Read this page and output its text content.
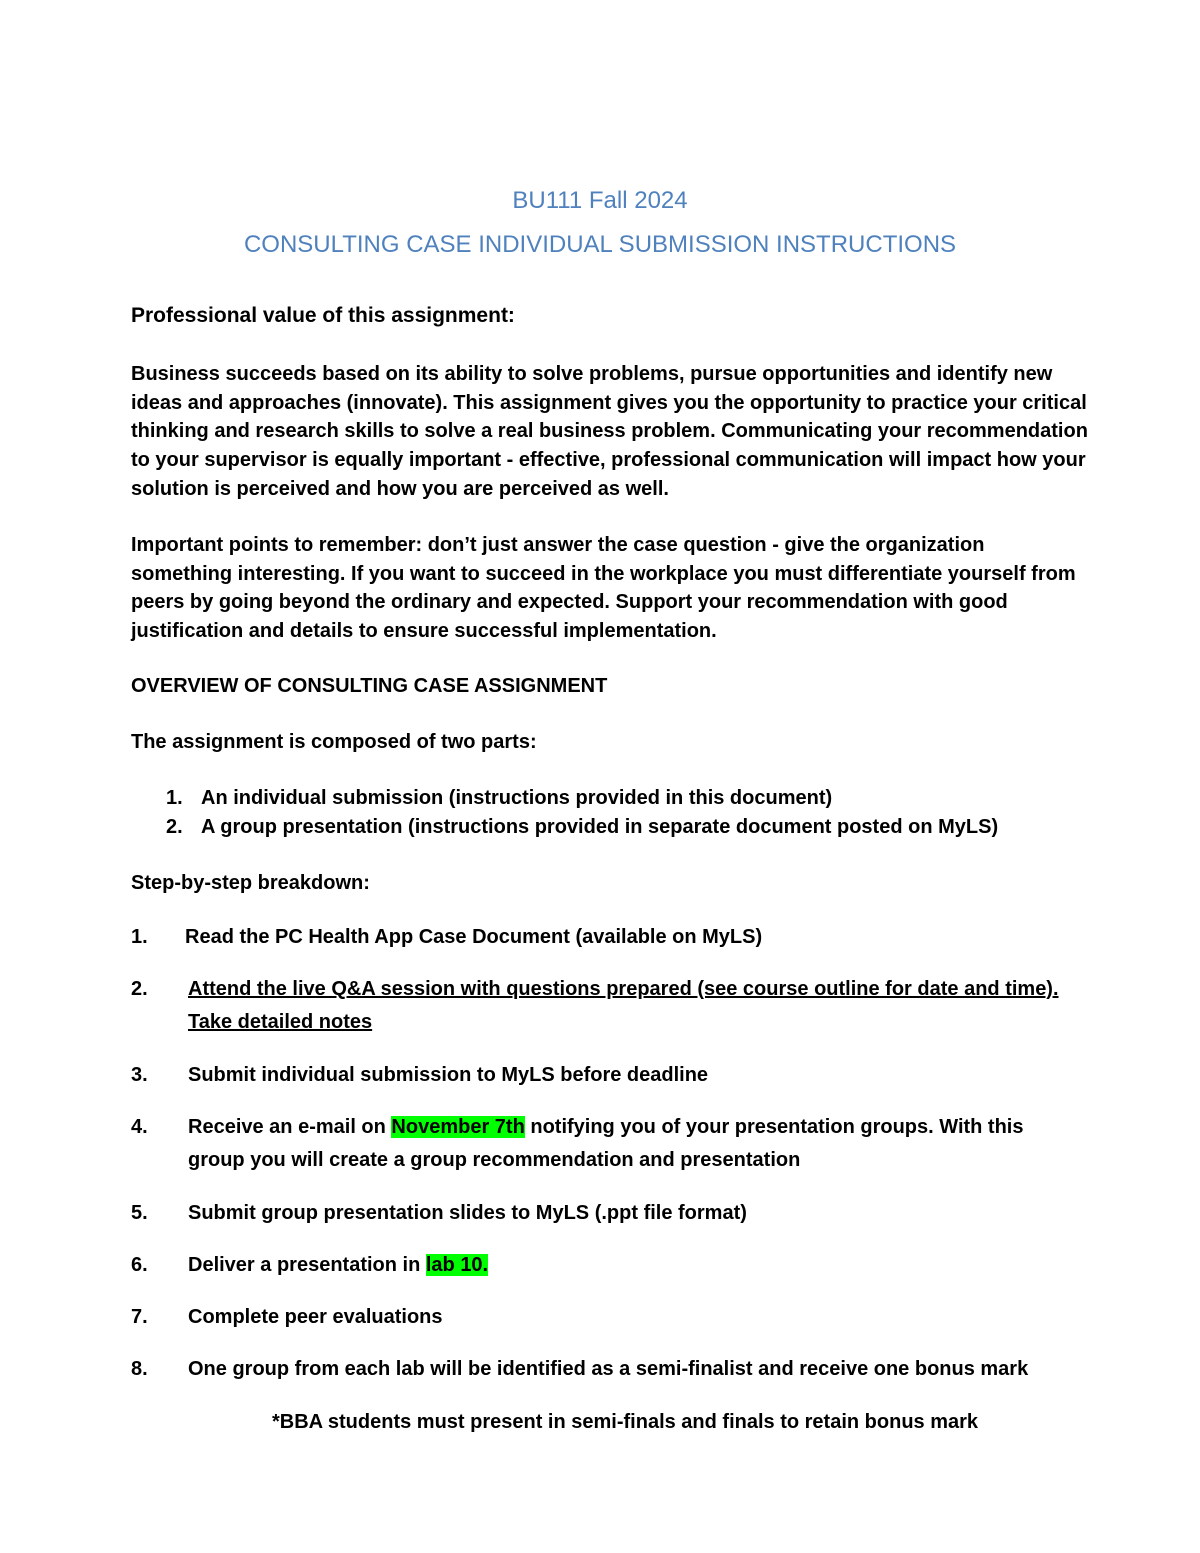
BU111 Fall 2024
CONSULTING CASE INDIVIDUAL SUBMISSION INSTRUCTIONS
Professional value of this assignment:

Business succeeds based on its ability to solve problems, pursue opportunities and identify new ideas and approaches (innovate). This assignment gives you the opportunity to practice your critical thinking and research skills to solve a real business problem. Communicating your recommendation to your supervisor is equally important - effective, professional communication will impact how your solution is perceived and how you are perceived as well.

Important points to remember: don’t just answer the case question - give the organization something interesting. If you want to succeed in the workplace you must differentiate yourself from peers by going beyond the ordinary and expected. Support your recommendation with good justification and details to ensure successful implementation.

OVERVIEW OF CONSULTING CASE ASSIGNMENT
The assignment is composed of two parts:
1. An individual submission (instructions provided in this document)
2. A group presentation (instructions provided in separate document posted on MyLS)
Step-by-step breakdown:
1. Read the PC Health App Case Document (available on MyLS)
2. Attend the live Q&A session with questions prepared (see course outline for date and time).
Take detailed notes
3. Submit individual submission to MyLS before deadline
4. Receive an e-mail on November 7th notifying you of your presentation groups. With this
group you will create a group recommendation and presentation
5. Submit group presentation slides to MyLS (.ppt file format)
6. Deliver a presentation in lab 10.
7. Complete peer evaluations
8. One group from each lab will be identified as a semi-finalist and receive one bonus mark
*BBA students must present in semi-finals and finals to retain bonus mark
